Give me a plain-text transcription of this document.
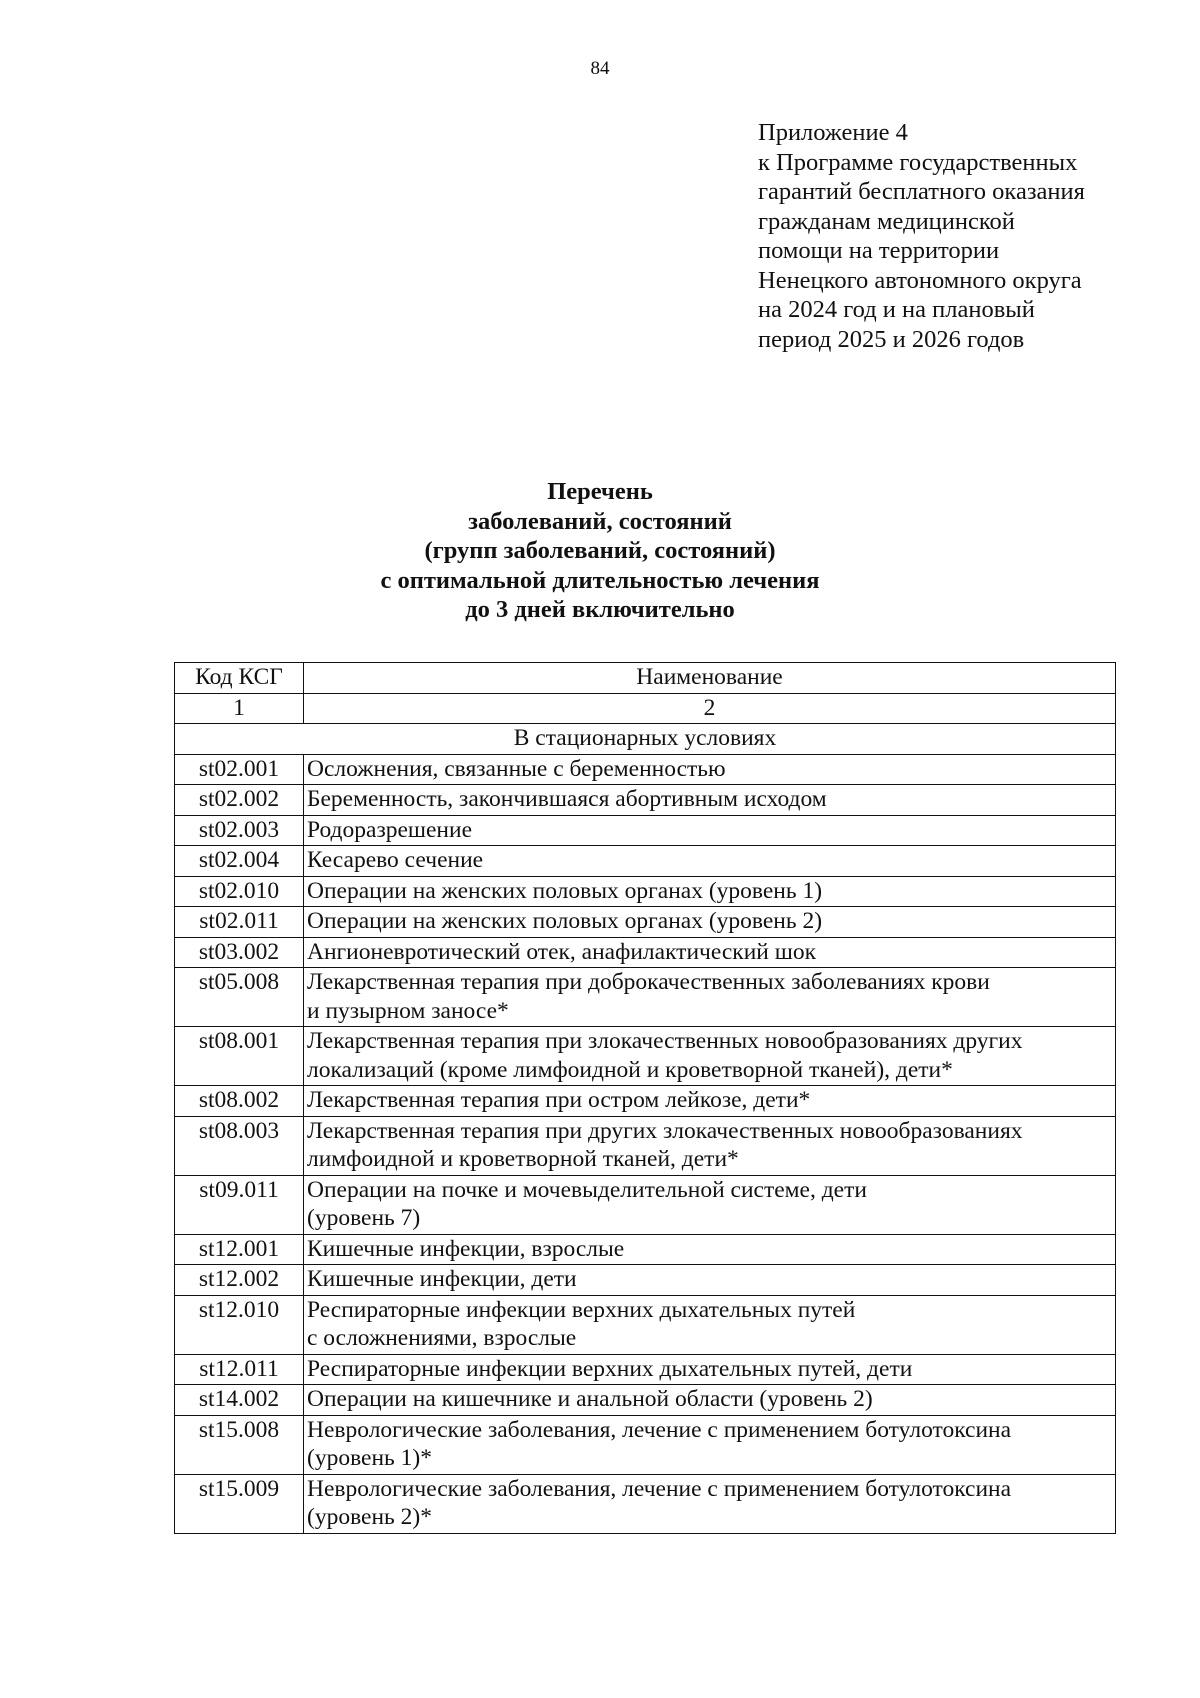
84
Приложение 4
к Программе государственных
гарантий бесплатного оказания
гражданам медицинской
помощи на территории
Ненецкого автономного округа
на 2024 год и на плановый
период 2025 и 2026 годов
Перечень
заболеваний, состояний
(групп заболеваний, состояний)
с оптимальной длительностью лечения
до 3 дней включительно
Код КСГ	Наименование
1	2
В стационарных условиях	
st02.001	Осложнения, связанные с беременностью

st02.002	Беременность, закончившаяся абортивным исходом

st02.003	Родоразрешение

st02.004	Кесарево сечение

st02.010	Операции на женских половых органах (уровень 1)

st02.011	Операции на женских половых органах (уровень 2)

st03.002	Ангионевротический отек, анафилактический шок

st05.008	Лекарственная терапия при доброкачественных заболеваниях крови
и пузырном заносе*

st08.001	Лекарственная терапия при злокачественных новообразованиях других
локализаций (кроме лимфоидной и кроветворной тканей), дети*

st08.002	Лекарственная терапия при остром лейкозе, дети*

st08.003	Лекарственная терапия при других злокачественных новообразованиях
лимфоидной и кроветворной тканей, дети*

st09.011	Операции на почке и мочевыделительной системе, дети
(уровень 7)

st12.001	Кишечные инфекции, взрослые

st12.002	Кишечные инфекции, дети

st12.010	Респираторные инфекции верхних дыхательных путей
с осложнениями, взрослые

st12.011	Респираторные инфекции верхних дыхательных путей, дети

st14.002	Операции на кишечнике и анальной области (уровень 2)

st15.008	Неврологические заболевания, лечение с применением ботулотоксина
(уровень 1)*

st15.009	Неврологические заболевания, лечение с применением ботулотоксина
(уровень 2)*
